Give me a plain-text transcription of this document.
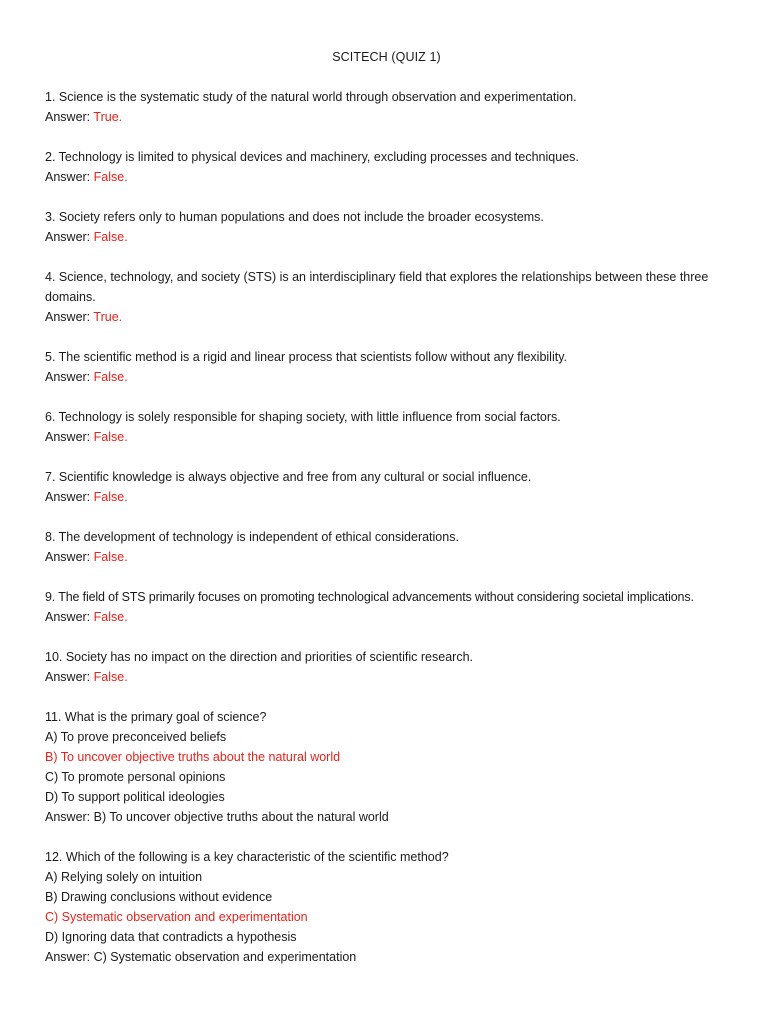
SCITECH (QUIZ 1)
1. Science is the systematic study of the natural world through observation and experimentation.
Answer: True.
2. Technology is limited to physical devices and machinery, excluding processes and techniques.
Answer: False.
3. Society refers only to human populations and does not include the broader ecosystems.
Answer: False.
4. Science, technology, and society (STS) is an interdisciplinary field that explores the relationships between these three domains.
Answer: True.
5. The scientific method is a rigid and linear process that scientists follow without any flexibility.
Answer: False.
6. Technology is solely responsible for shaping society, with little influence from social factors.
Answer: False.
7. Scientific knowledge is always objective and free from any cultural or social influence.
Answer: False.
8. The development of technology is independent of ethical considerations.
Answer: False.
9. The field of STS primarily focuses on promoting technological advancements without considering societal implications.
Answer: False.
10. Society has no impact on the direction and priorities of scientific research.
Answer: False.
11. What is the primary goal of science?
A) To prove preconceived beliefs
B) To uncover objective truths about the natural world
C) To promote personal opinions
D) To support political ideologies
Answer: B) To uncover objective truths about the natural world
12. Which of the following is a key characteristic of the scientific method?
A) Relying solely on intuition
B) Drawing conclusions without evidence
C) Systematic observation and experimentation
D) Ignoring data that contradicts a hypothesis
Answer: C) Systematic observation and experimentation
